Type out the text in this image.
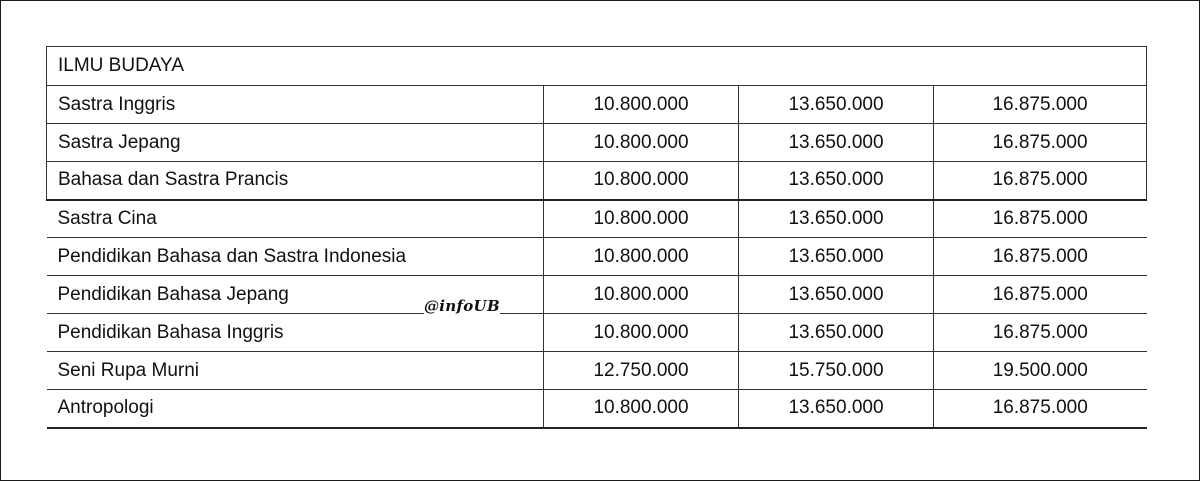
ILMU BUDAYA			
Sastra Inggris	10.800.000	13.650.000	16.875.000
Sastra Jepang	10.800.000	13.650.000	16.875.000
Bahasa dan Sastra Prancis	10.800.000	13.650.000	16.875.000
Sastra Cina	10.800.000	13.650.000	16.875.000
Pendidikan Bahasa dan Sastra Indonesia	10.800.000	13.650.000	16.875.000
Pendidikan Bahasa Jepang	10.800.000	13.650.000	16.875.000
Pendidikan Bahasa Inggris	10.800.000	13.650.000	16.875.000
Seni Rupa Murni	12.750.000	15.750.000	19.500.000
Antropologi	10.800.000	13.650.000	16.875.000
@infoUB
